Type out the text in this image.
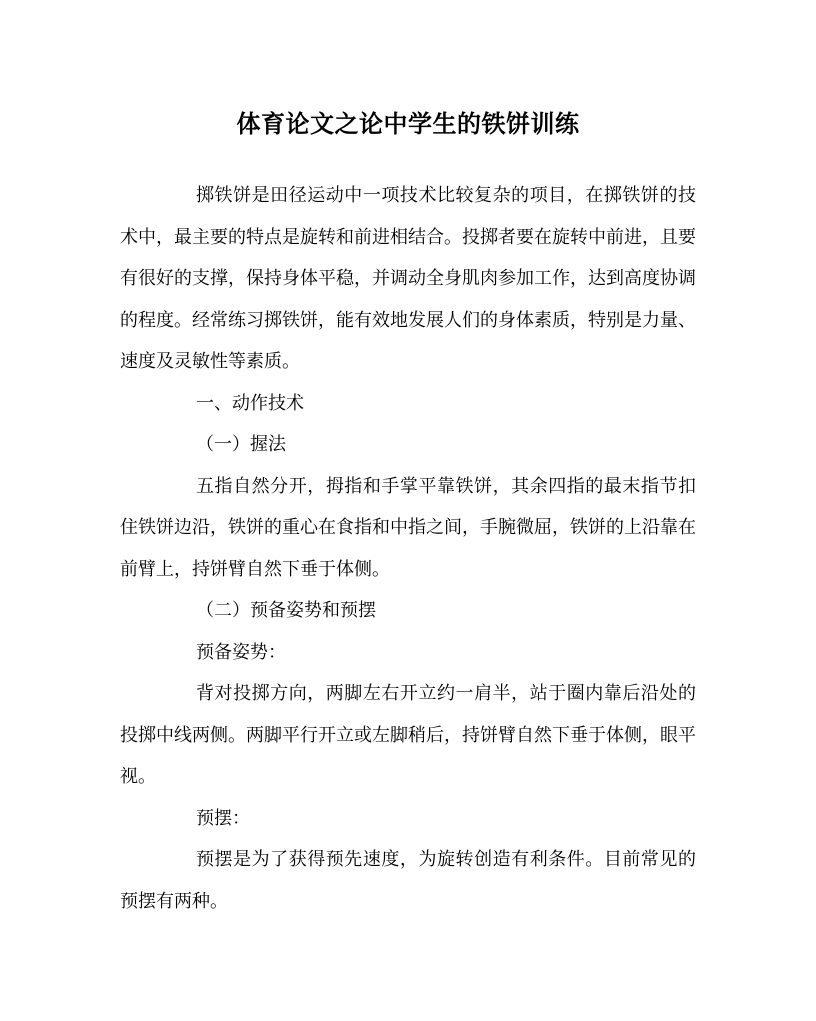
体育论文之论中学生的铁饼训练

掷铁饼是田径运动中一项技术比较复杂的项目，在掷铁饼的技术中，最主要的特点是旋转和前进相结合。投掷者要在旋转中前进，且要有很好的支撑，保持身体平稳，并调动全身肌肉参加工作，达到高度协调的程度。经常练习掷铁饼，能有效地发展人们的身体素质，特别是力量、速度及灵敏性等素质。

一、动作技术

（一）握法

五指自然分开，拇指和手掌平靠铁饼，其余四指的最末指节扣住铁饼边沿，铁饼的重心在食指和中指之间，手腕微屈，铁饼的上沿靠在前臂上，持饼臂自然下垂于体侧。

（二）预备姿势和预摆

预备姿势：

背对投掷方向，两脚左右开立约一肩半，站于圈内靠后沿处的投掷中线两侧。两脚平行开立或左脚稍后，持饼臂自然下垂于体侧，眼平视。

预摆：

预摆是为了获得预先速度，为旋转创造有利条件。目前常见的预摆有两种。
